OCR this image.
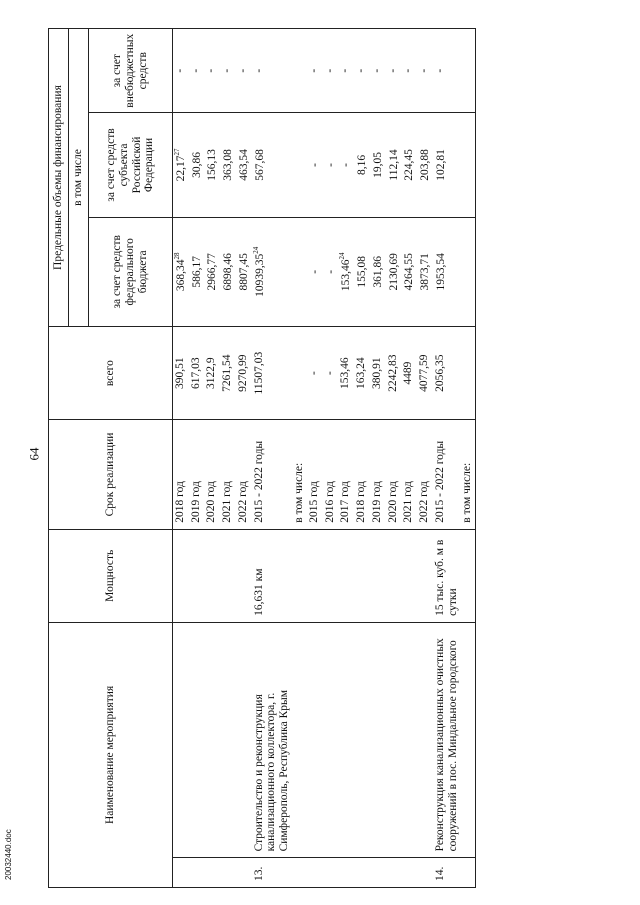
64
20032440.doc
Наименование мероприятия		Мощность	Срок реализации	всего	Предельные объемы финансирования		
					в том числе		
					за счет средств федерального бюджета	за счет средств субъекта Российской Федерации	за счет внебюджетных средств
			2018 год	390,51	368,34$^{28}$	22,17$^{27}$	-
			2019 год	617,03	586,17	30,86	-
			2020 год	3122,9	2966,77	156,13	-
			2021 год	7261,54	6898,46	363,08	-
			2022 год	9270,99	8807,45	463,54	-
13.	Строительство и реконструкция канализационного коллектора, г. Симферополь, Республика Крым	16,631 км	2015 - 2022 годы	11507,03	10939,35$^{24}$	567,68	-
			в том числе:				
			2015 год	-	-	-	-
			2016 год	-	-	-	-
			2017 год	153,46	153,46$^{24}$	-	-
			2018 год	163,24	155,08	8,16	-
			2019 год	380,91	361,86	19,05	-
			2020 год	2242,83	2130,69	112,14	-
			2021 год	4489	4264,55	224,45	-
			2022 год	4077,59	3873,71	203,88	-
14.	Реконструкция канализационных очистных сооружений в пос. Миндальное городского	15 тыс. куб. м в сутки	2015 - 2022 годы	2056,35	1953,54	102,81	-
			в том числе:				
